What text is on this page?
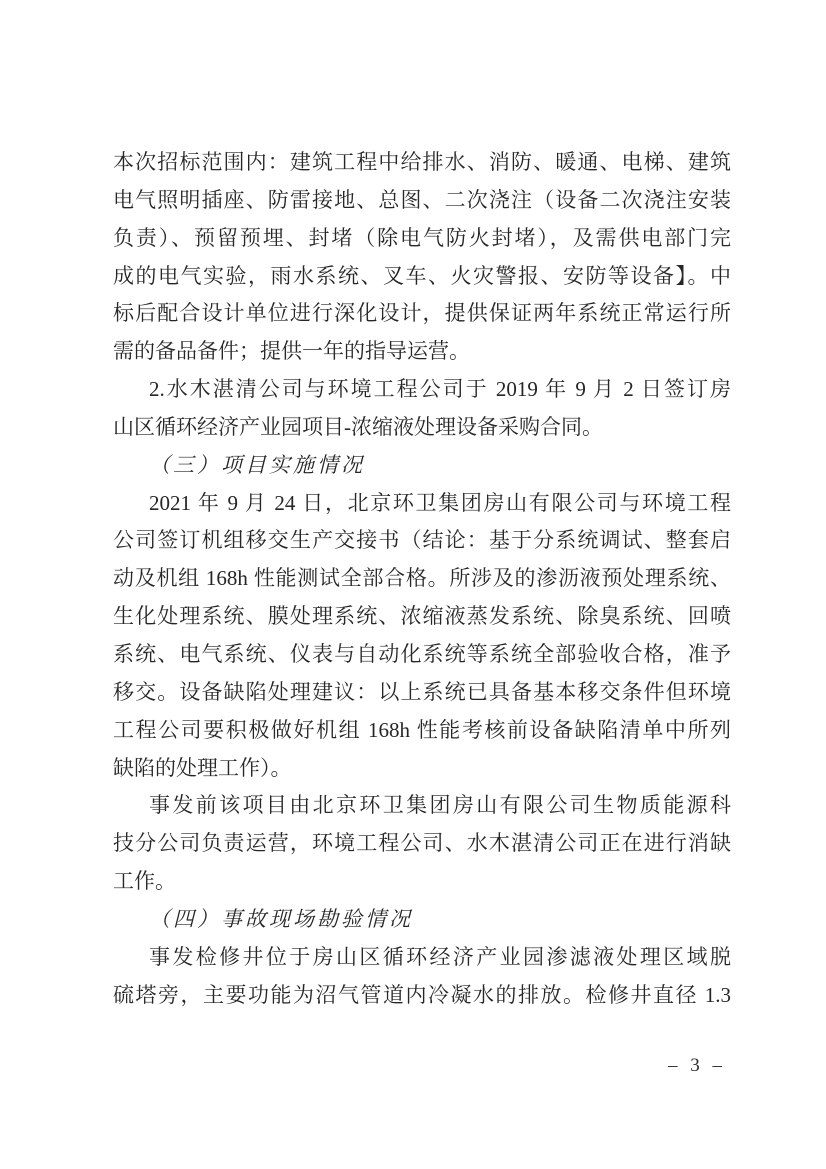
本次招标范围内：建筑工程中给排水、消防、暖通、电梯、建筑
电气照明插座、防雷接地、总图、二次浇注（设备二次浇注安装
负责）、预留预埋、封堵（除电气防火封堵），及需供电部门完
成的电气实验，雨水系统、叉车、火灾警报、安防等设备】。中
标后配合设计单位进行深化设计，提供保证两年系统正常运行所
需的备品备件；提供一年的指导运营。
2.水木湛清公司与环境工程公司于 2019 年 9 月 2 日签订房
山区循环经济产业园项目-浓缩液处理设备采购合同。
（三）项目实施情况
2021 年 9 月 24 日，北京环卫集团房山有限公司与环境工程
公司签订机组移交生产交接书（结论：基于分系统调试、整套启
动及机组 168h 性能测试全部合格。所涉及的渗沥液预处理系统、
生化处理系统、膜处理系统、浓缩液蒸发系统、除臭系统、回喷
系统、电气系统、仪表与自动化系统等系统全部验收合格，准予
移交。设备缺陷处理建议：以上系统已具备基本移交条件但环境
工程公司要积极做好机组 168h 性能考核前设备缺陷清单中所列
缺陷的处理工作）。
事发前该项目由北京环卫集团房山有限公司生物质能源科
技分公司负责运营，环境工程公司、水木湛清公司正在进行消缺
工作。
（四）事故现场勘验情况
事发检修井位于房山区循环经济产业园渗滤液处理区域脱
硫塔旁，主要功能为沼气管道内冷凝水的排放。检修井直径 1.3
– 3 –
